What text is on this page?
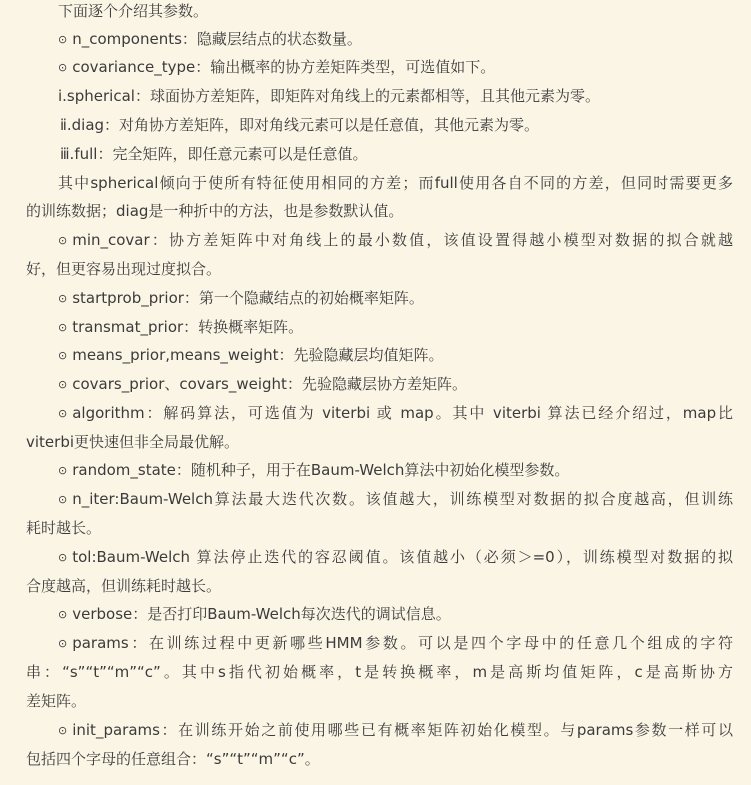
下面逐个介绍其参数。
⊙ n_components：隐藏层结点的状态数量。
⊙ covariance_type：输出概率的协方差矩阵类型，可选值如下。
i.spherical：球面协方差矩阵，即矩阵对角线上的元素都相等，且其他元素为零。
ⅱ.diag：对角协方差矩阵，即对角线元素可以是任意值，其他元素为零。
ⅲ.full：完全矩阵，即任意元素可以是任意值。
其中spherical倾向于使所有特征使用相同的方差；而full使用各自不同的方差，但同时需要更多
的训练数据；diag是一种折中的方法，也是参数默认值。
⊙ min_covar：协方差矩阵中对角线上的最小数值，该值设置得越小模型对数据的拟合就越
好，但更容易出现过度拟合。
⊙ startprob_prior：第一个隐藏结点的初始概率矩阵。
⊙ transmat_prior：转换概率矩阵。
⊙ means_prior,means_weight：先验隐藏层均值矩阵。
⊙ covars_prior、covars_weight：先验隐藏层协方差矩阵。
⊙ algorithm：解码算法，可选值为 viterbi 或 map。其中 viterbi 算法已经介绍过，map比
viterbi更快速但非全局最优解。
⊙ random_state：随机种子，用于在Baum-Welch算法中初始化模型参数。
⊙ n_iter:Baum-Welch算法最大迭代次数。该值越大，训练模型对数据的拟合度越高，但训练
耗时越长。
⊙ tol:Baum-Welch 算法停止迭代的容忍阈值。该值越小（必须＞=0），训练模型对数据的拟
合度越高，但训练耗时越长。
⊙ verbose：是否打印Baum-Welch每次迭代的调试信息。
⊙ params：在训练过程中更新哪些HMM参数。可以是四个字母中的任意几个组成的字符
串：“s”“t”“m”“c”。其中s指代初始概率，t是转换概率，m是高斯均值矩阵，c是高斯协方
差矩阵。
⊙ init_params：在训练开始之前使用哪些已有概率矩阵初始化模型。与params参数一样可以
包括四个字母的任意组合：“s”“t”“m”“c”。
